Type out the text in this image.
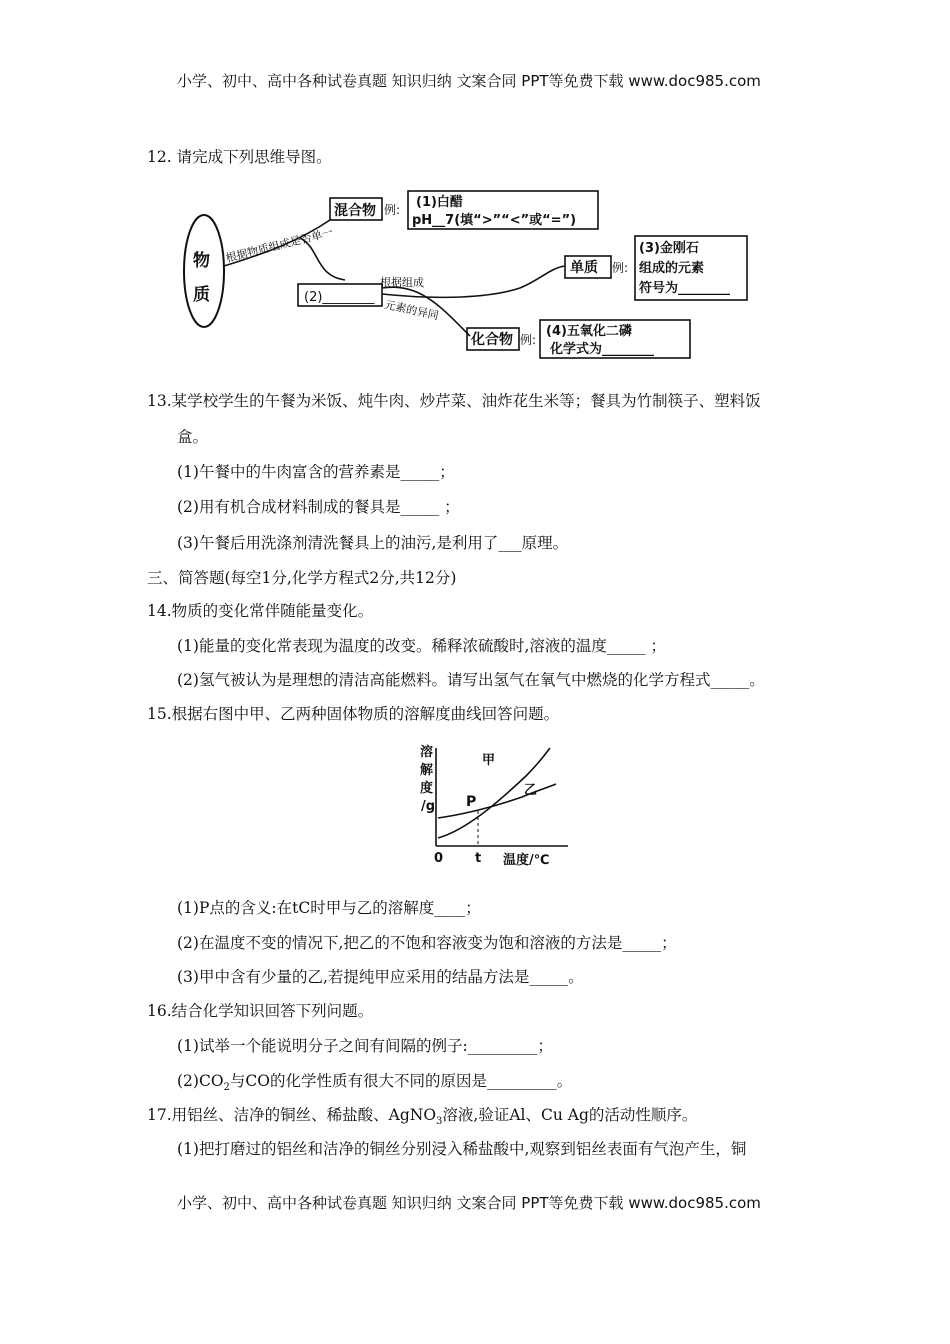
小学、初中、高中各种试卷真题 知识归纳 文案合同 PPT等免费下载 www.doc985.com
12. 请完成下列思维导图。
物
质
根据物质组成是否单一
混合物 例: (1)白醋
pH__7(填“>”“<”或“=”)
(2)________
根据组成
元素的异同
单质 例:
(3)金刚石
组成的元素
符号为________
化合物 例:
(4)五氧化二磷
化学式为________
13.某学校学生的午餐为米饭、炖牛肉、炒芹菜、油炸花生米等；餐具为竹制筷子、塑料饭
盒。
(1)午餐中的牛肉富含的营养素是_____；
(2)用有机合成材料制成的餐具是_____ ；
(3)午餐后用洗涤剂清洗餐具上的油污,是利用了___原理。
三、简答题(每空1分,化学方程式2分,共12分)
14.物质的变化常伴随能量变化。
(1)能量的变化常表现为温度的改变。稀释浓硫酸时,溶液的温度_____ ；
(2)氢气被认为是理想的清洁高能燃料。请写出氢气在氧气中燃烧的化学方程式_____。
15.根据右图中甲、乙两种固体物质的溶解度曲线回答问题。
溶
解
度
/g
0 t 温度/℃
甲
乙
P
(1)P点的含义:在tC时甲与乙的溶解度____；
(2)在温度不变的情况下,把乙的不饱和容液变为饱和溶液的方法是_____；
(3)甲中含有少量的乙,若提纯甲应采用的结晶方法是_____。
16.结合化学知识回答下列问题。
(1)试举一个能说明分子之间有间隔的例子:_________；
$(2)CO_2$与CO的化学性质有很大不同的原因是_________。
17.用铝丝、洁净的铜丝、稀盐酸、AgNO$_3$溶液,验证Al、Cu Ag的活动性顺序。
(1)把打磨过的铝丝和洁净的铜丝分别浸入稀盐酸中,观察到铝丝表面有气泡产生，铜
小学、初中、高中各种试卷真题 知识归纳 文案合同 PPT等免费下载 www.doc985.com
